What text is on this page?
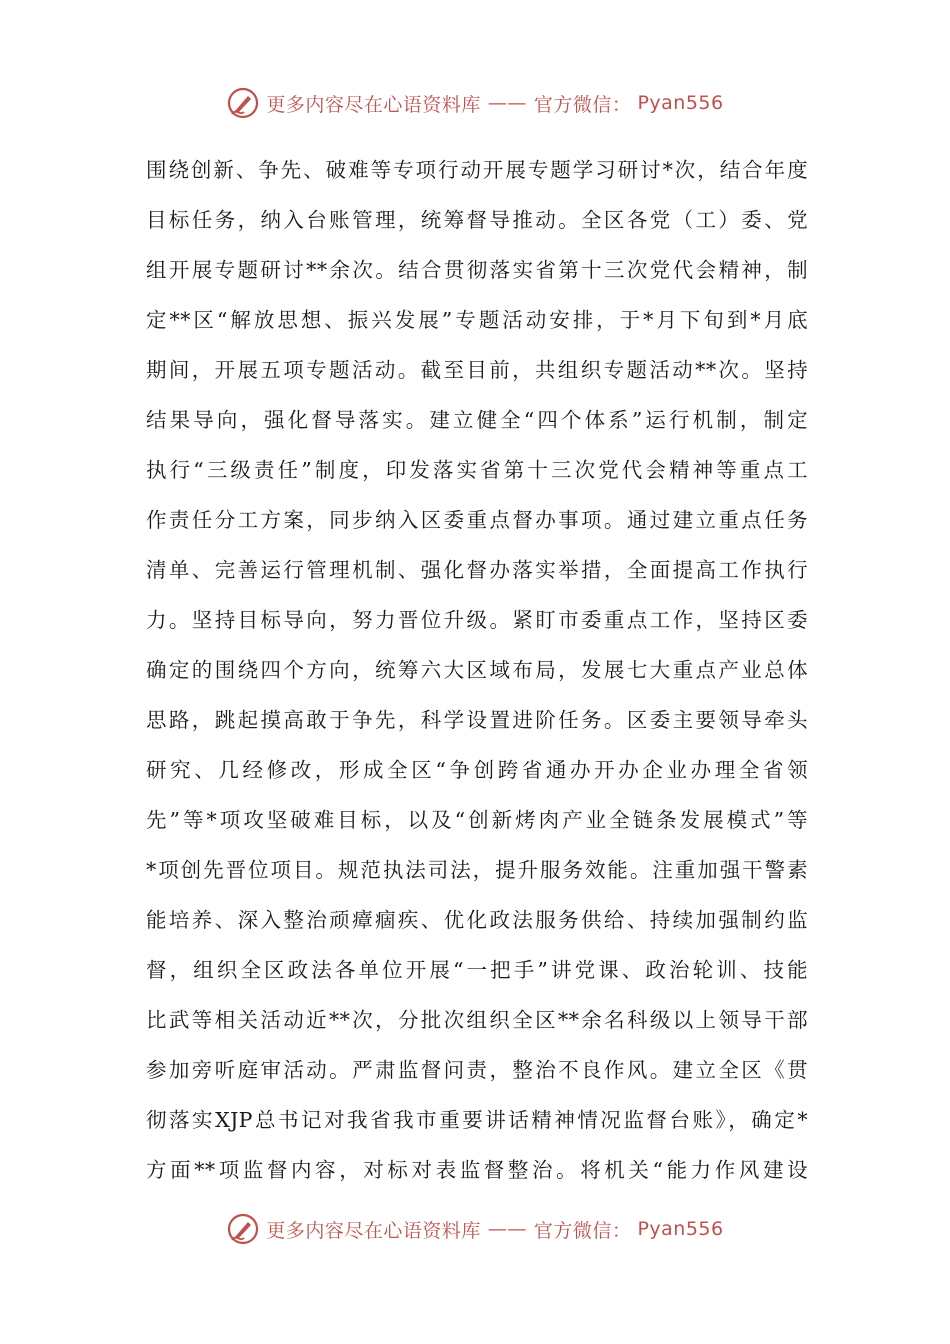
更多内容尽在心语资料库 —— 官方微信： Pyan556
围绕创新、争先、破难等专项行动开展专题学习研讨*次，结合年度
目标任务，纳入台账管理，统筹督导推动。全区各党（工）委、党
组开展专题研讨**余次。结合贯彻落实省第十三次党代会精神，制
定**区“解放思想、振兴发展”专题活动安排，于*月下旬到*月底
期间，开展五项专题活动。截至目前，共组织专题活动**次。坚持
结果导向，强化督导落实。建立健全“四个体系”运行机制，制定
执行“三级责任”制度，印发落实省第十三次党代会精神等重点工
作责任分工方案，同步纳入区委重点督办事项。通过建立重点任务
清单、完善运行管理机制、强化督办落实举措，全面提高工作执行
力。坚持目标导向，努力晋位升级。紧盯市委重点工作，坚持区委
确定的围绕四个方向，统筹六大区域布局，发展七大重点产业总体
思路，跳起摸高敢于争先，科学设置进阶任务。区委主要领导牵头
研究、几经修改，形成全区“争创跨省通办开办企业办理全省领
先”等*项攻坚破难目标，以及“创新烤肉产业全链条发展模式”等
*项创先晋位项目。规范执法司法，提升服务效能。注重加强干警素
能培养、深入整治顽瘴痼疾、优化政法服务供给、持续加强制约监
督，组织全区政法各单位开展“一把手”讲党课、政治轮训、技能
比武等相关活动近**次，分批次组织全区**余名科级以上领导干部
参加旁听庭审活动。严肃监督问责，整治不良作风。建立全区《贯
彻落实XJP总书记对我省我市重要讲话精神情况监督台账》，确定*
方面**项监督内容，对标对表监督整治。将机关“能力作风建设
更多内容尽在心语资料库 —— 官方微信： Pyan556
